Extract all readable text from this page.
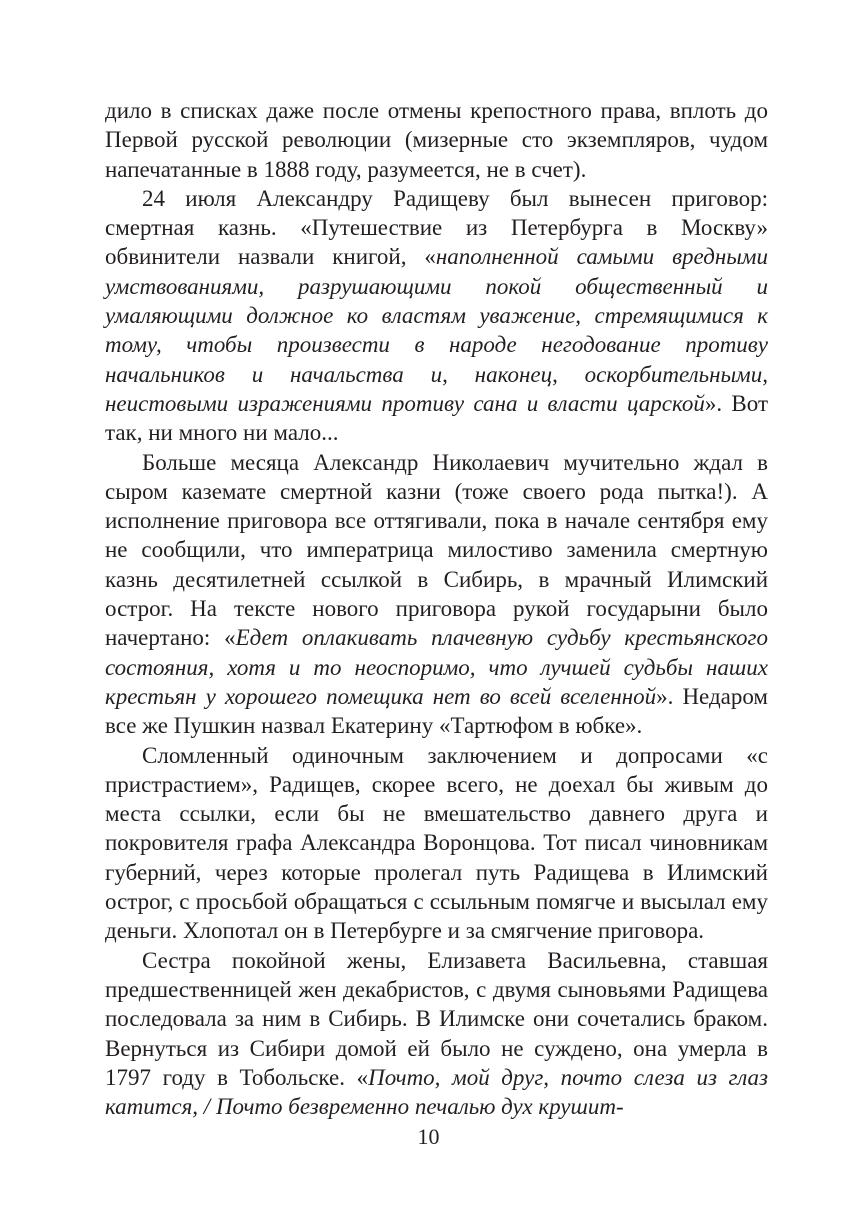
дило в списках даже после отмены крепостного права, вплоть до Первой русской революции (мизерные сто экземпляров, чудом напечатанные в 1888 году, разумеется, не в счет).

24 июля Александру Радищеву был вынесен приговор: смертная казнь. «Путешествие из Петербурга в Москву» обвинители назвали книгой, «наполненной самыми вредными умствованиями, разрушающими покой общественный и умаляющими должное ко властям уважение, стремящимися к тому, чтобы произвести в народе негодование противу начальников и начальства и, наконец, оскорбительными, неистовыми изражениями противу сана и власти царской». Вот так, ни много ни мало...

Больше месяца Александр Николаевич мучительно ждал в сыром каземате смертной казни (тоже своего рода пытка!). А исполнение приговора все оттягивали, пока в начале сентября ему не сообщили, что императрица милостиво заменила смертную казнь десятилетней ссылкой в Сибирь, в мрачный Илимский острог. На тексте нового приговора рукой государыни было начертано: «Едет оплакивать плачевную судьбу крестьянского состояния, хотя и то неоспоримо, что лучшей судьбы наших крестьян у хорошего помещика нет во всей вселенной». Недаром все же Пушкин назвал Екатерину «Тартюфом в юбке».

Сломленный одиночным заключением и допросами «с пристрастием», Радищев, скорее всего, не доехал бы живым до места ссылки, если бы не вмешательство давнего друга и покровителя графа Александра Воронцова. Тот писал чиновникам губерний, через которые пролегал путь Радищева в Илимский острог, с просьбой обращаться с ссыльным помягче и высылал ему деньги. Хлопотал он в Петербурге и за смягчение приговора.

Сестра покойной жены, Елизавета Васильевна, ставшая предшественницей жен декабристов, с двумя сыновьями Радищева последовала за ним в Сибирь. В Илимске они сочетались браком. Вернуться из Сибири домой ей было не суждено, она умерла в 1797 году в Тобольске. «Почто, мой друг, почто слеза из глаз катится, / Почто безвременно печалью дух крушит-

10
